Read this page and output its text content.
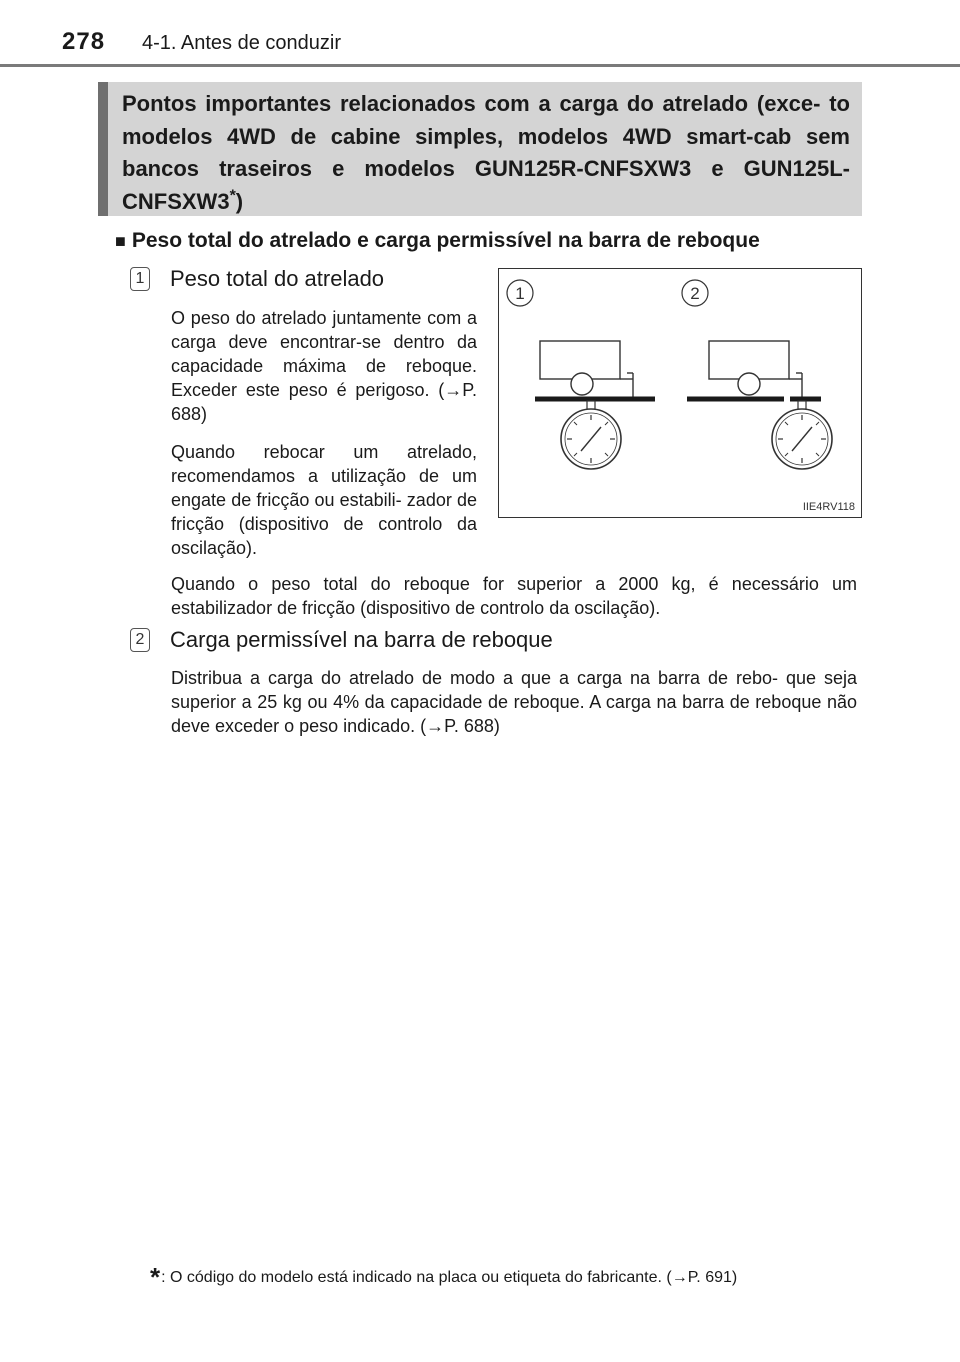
278 4-1. Antes de conduzir
Pontos importantes relacionados com a carga do atrelado (exce- to modelos 4WD de cabine simples, modelos 4WD smart-cab sem bancos traseiros e modelos GUN125R-CNFSXW3 e GUN125L-CNFSXW3*)
■ Peso total do atrelado e carga permissível na barra de reboque
1 Peso total do atrelado
O peso do atrelado juntamente com a carga deve encontrar-se dentro da capacidade máxima de reboque. Exceder este peso é perigoso. (→P. 688)
Quando rebocar um atrelado, recomendamos a utilização de um engate de fricção ou estabili- zador de fricção (dispositivo de controlo da oscilação).
Quando o peso total do reboque for superior a 2000 kg, é necessário um estabilizador de fricção (dispositivo de controlo da oscilação).
1	2
IIE4RV118
2 Carga permissível na barra de reboque
Distribua a carga do atrelado de modo a que a carga na barra de rebo- que seja superior a 25 kg ou 4% da capacidade de reboque. A carga na barra de reboque não deve exceder o peso indicado. (→P. 688)
*: O código do modelo está indicado na placa ou etiqueta do fabricante. (→P. 691)
